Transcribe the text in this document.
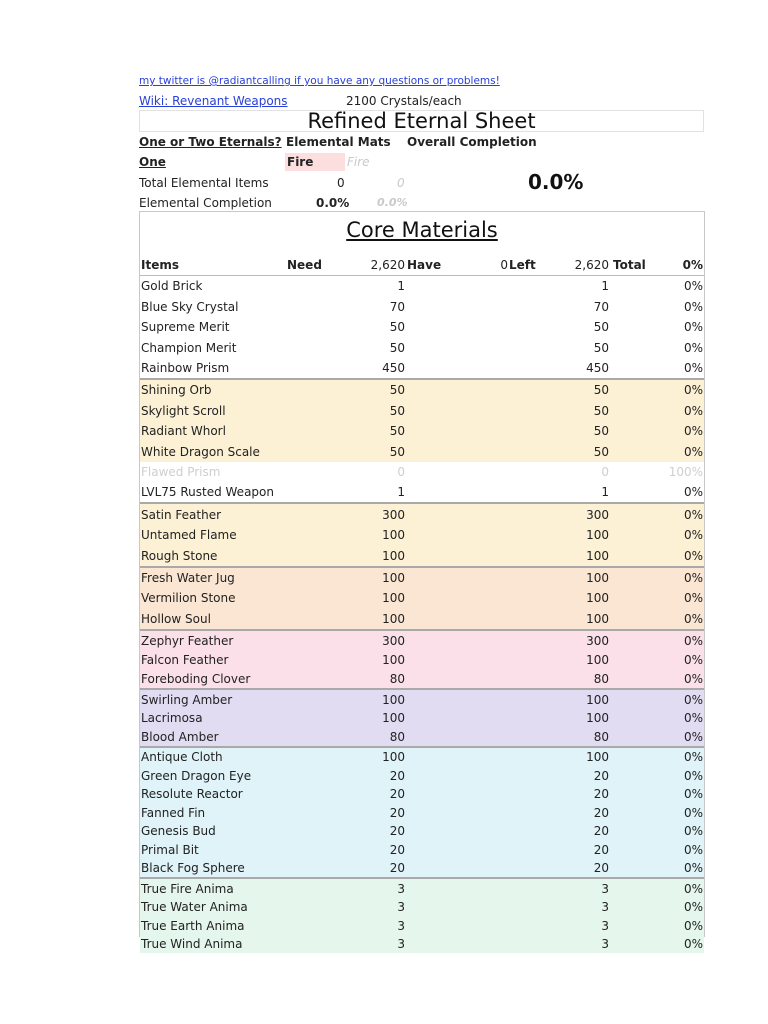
my twitter is @radiantcalling if you have any questions or problems!
Wiki: Revenant Weapons	2100 Crystals/each
Refined Eternal Sheet
One or Two Eternals? Elemental Mats Overall Completion
One	Fire	Fire
Total Elemental Items	0	0	0.0%
Elemental Completion	0.0%	0.0%
Core Materials
Items	Need	2,620 Have	0 Left	2,620 Total	0%
Gold Brick	1	1	0%
Blue Sky Crystal	70	70	0%
Supreme Merit	50	50	0%
Champion Merit	50	50	0%
Rainbow Prism	450	450	0%
Shining Orb	50	50	0%
Skylight Scroll	50	50	0%
Radiant Whorl	50	50	0%
White Dragon Scale	50	50	0%
Flawed Prism	0	0	100%
LVL75 Rusted Weapon	1	1	0%
Satin Feather	300	300	0%
Untamed Flame	100	100	0%
Rough Stone	100	100	0%
Fresh Water Jug	100	100	0%
Vermilion Stone	100	100	0%
Hollow Soul	100	100	0%
Zephyr Feather	300	300	0%
Falcon Feather	100	100	0%
Foreboding Clover	80	80	0%
Swirling Amber	100	100	0%
Lacrimosa	100	100	0%
Blood Amber	80	80	0%
Antique Cloth	100	100	0%
Green Dragon Eye	20	20	0%
Resolute Reactor	20	20	0%
Fanned Fin	20	20	0%
Genesis Bud	20	20	0%
Primal Bit	20	20	0%
Black Fog Sphere	20	20	0%
True Fire Anima	3	3	0%
True Water Anima	3	3	0%
True Earth Anima	3	3	0%
True Wind Anima	3	3	0%
